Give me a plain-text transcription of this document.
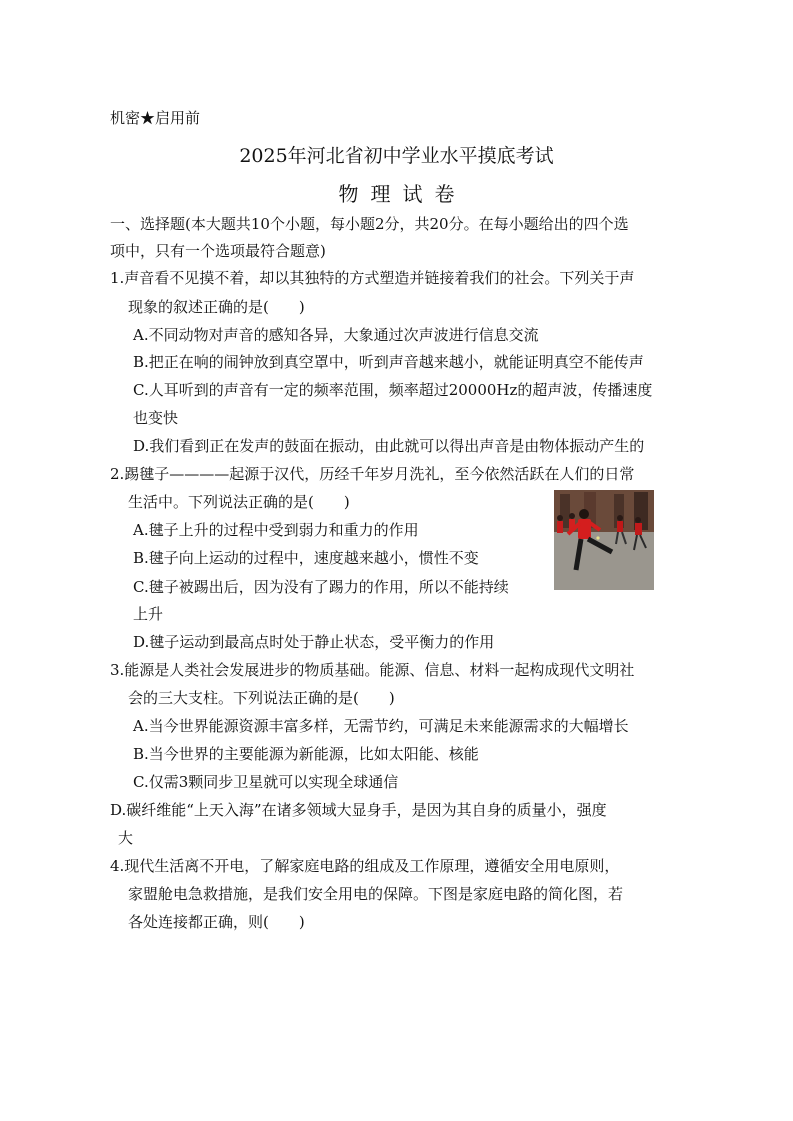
机密★启用前
2025年河北省初中学业水平摸底考试
物理试卷
一、选择题(本大题共10个小题，每小题2分，共20分。在每小题给出的四个选
项中，只有一个选项最符合题意)
1.声音看不见摸不着，却以其独特的方式塑造并链接着我们的社会。下列关于声
现象的叙述正确的是(　　)
A.不同动物对声音的感知各异，大象通过次声波进行信息交流
B.把正在响的闹钟放到真空罩中，听到声音越来越小，就能证明真空不能传声
C.人耳听到的声音有一定的频率范围，频率超过20000Hz的超声波，传播速度
也变快
D.我们看到正在发声的鼓面在振动，由此就可以得出声音是由物体振动产生的
2.踢毽子————起源于汉代，历经千年岁月洗礼，至今依然活跃在人们的日常
生活中。下列说法正确的是(　　)
A.毽子上升的过程中受到弱力和重力的作用
B.毽子向上运动的过程中，速度越来越小，惯性不变
C.毽子被踢出后，因为没有了踢力的作用，所以不能持续
上升
D.毽子运动到最高点时处于静止状态，受平衡力的作用
3.能源是人类社会发展进步的物质基础。能源、信息、材料一起构成现代文明社
会的三大支柱。下列说法正确的是(　　)
A.当今世界能源资源丰富多样，无需节约，可满足未来能源需求的大幅增长
B.当今世界的主要能源为新能源，比如太阳能、核能
C.仅需3颗同步卫星就可以实现全球通信
D.碳纤维能“上天入海”在诸多领域大显身手，是因为其自身的质量小，强度
大
4.现代生活离不开电，了解家庭电路的组成及工作原理，遵循安全用电原则，
家盟舱电急救措施，是我们安全用电的保障。下图是家庭电路的简化图，若
各处连接都正确，则(　　)
